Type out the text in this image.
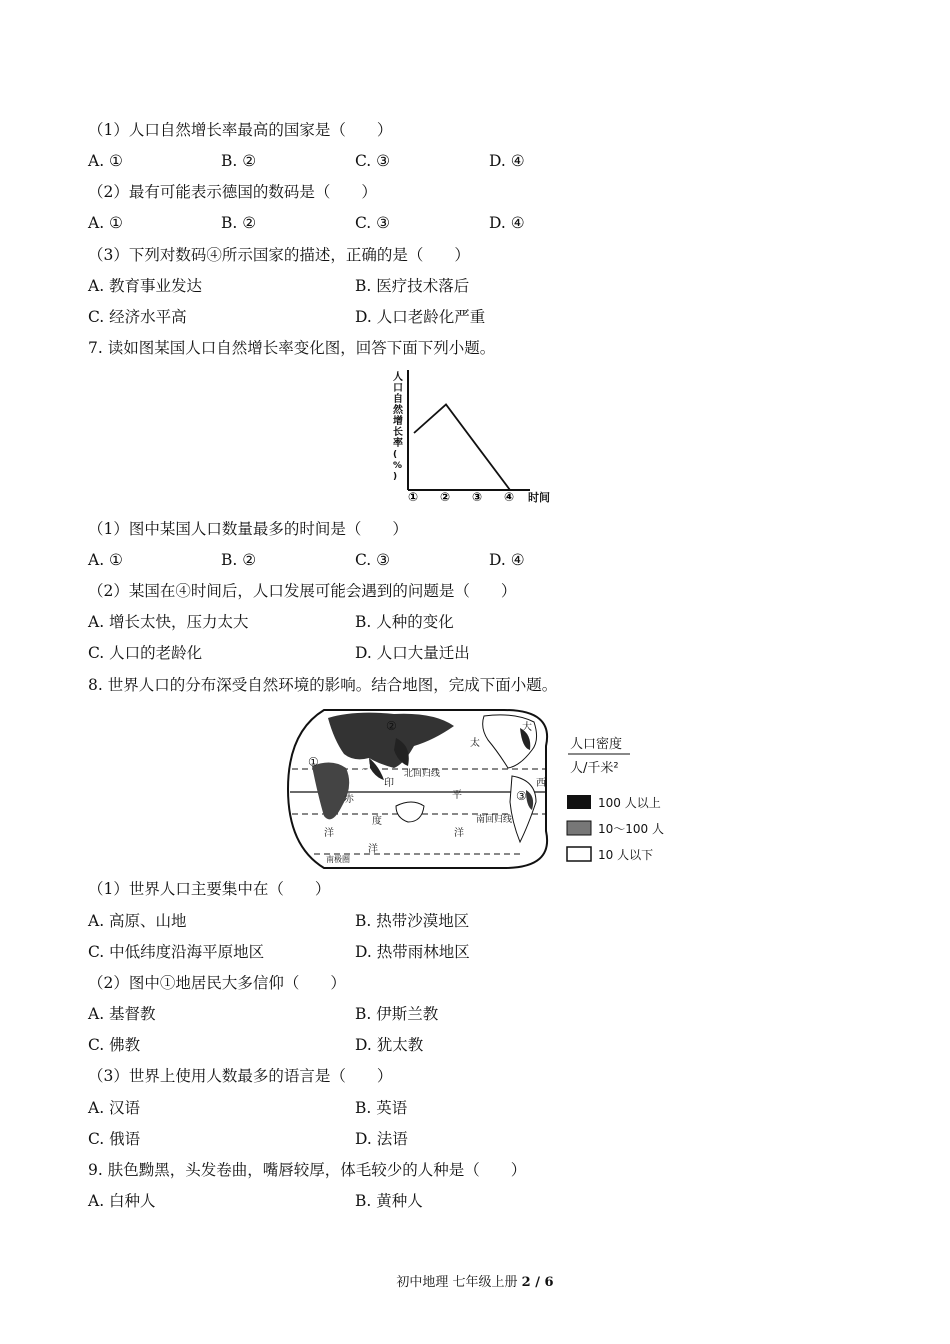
（1）人口自然增长率最高的国家是（　　）
A. ①	B. ②	C. ③	D. ④
（2）最有可能表示德国的数码是（　　）
A. ①	B. ②	C. ③	D. ④
（3）下列对数码④所示国家的描述，正确的是（　　）
A. 教育事业发达	B. 医疗技术落后
C. 经济水平高	D. 人口老龄化严重
7. 读如图某国人口自然增长率变化图，回答下面下列小题。
人口自然增长率( % )
① ② ③ ④ 时间
（1）图中某国人口数量最多的时间是（　　）
A. ①	B. ②	C. ③	D. ④
（2）某国在④时间后，人口发展可能会遇到的问题是（　　）
A. 增长太快，压力太大	B. 人种的变化
C. 人口的老龄化	D. 人口大量迁出
8. 世界人口的分布深受自然环境的影响。结合地图，完成下面小题。
①
②
③
④
北回归线
南回归线
南极圈
太
平
洋
大
西
印
度
洋
洋
赤
人口密度
人/千米²
100 人以上
10～100 人
10 人以下
（1）世界人口主要集中在（　　）
A. 高原、山地	B. 热带沙漠地区
C. 中低纬度沿海平原地区	D. 热带雨林地区
（2）图中①地居民大多信仰（　　）
A. 基督教	B. 伊斯兰教
C. 佛教	D. 犹太教
（3）世界上使用人数最多的语言是（　　）
A. 汉语	B. 英语
C. 俄语	D. 法语
9. 肤色黝黑，头发卷曲，嘴唇较厚，体毛较少的人种是（　　）
A. 白种人	B. 黄种人
初中地理 七年级上册 2 / 6
